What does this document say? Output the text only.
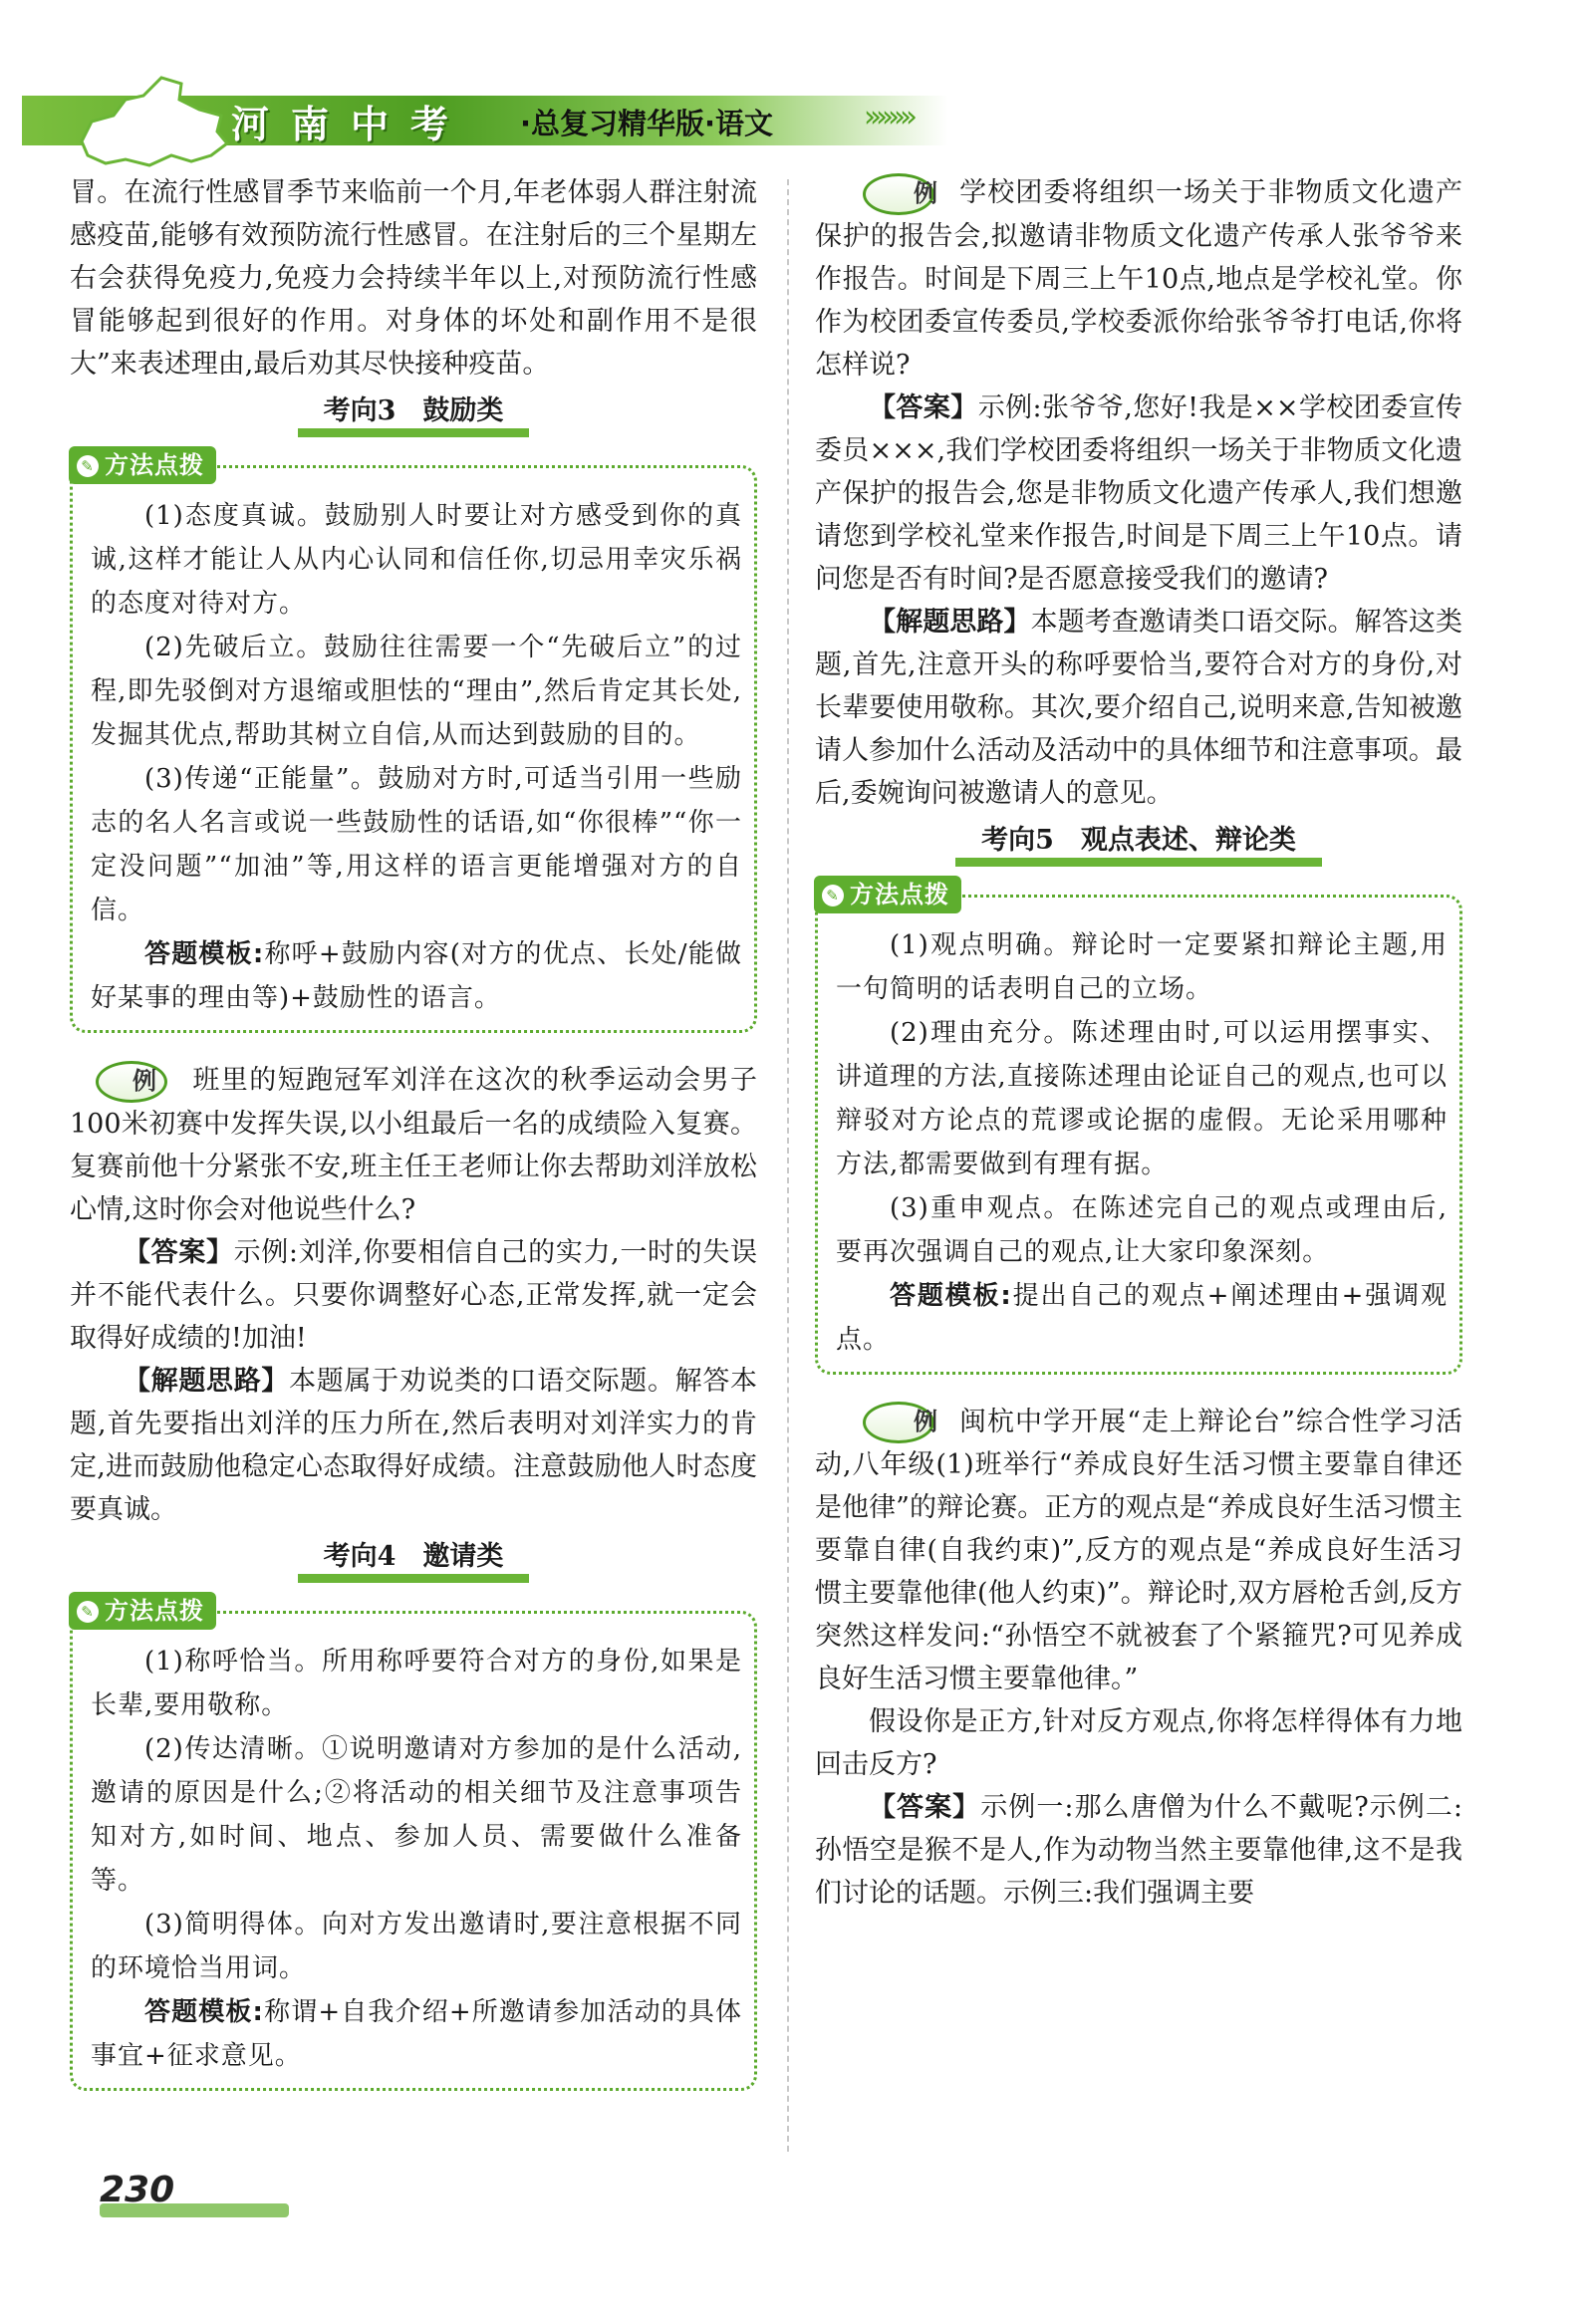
河南中考 ·总复习精华版·语文	››››››››

冒。在流行性感冒季节来临前一个月,年老体弱人群注射流感疫苗,能够有效预防流行性感冒。在注射后的三个星期左右会获得免疫力,免疫力会持续半年以上,对预防流行性感冒能够起到很好的作用。对身体的坏处和副作用不是很大”来表述理由,最后劝其尽快接种疫苗。

考向3　鼓励类
✎ 方法点拨

(1)态度真诚。鼓励别人时要让对方感受到你的真诚,这样才能让人从内心认同和信任你,切忌用幸灾乐祸的态度对待对方。

(2)先破后立。鼓励往往需要一个“先破后立”的过程,即先驳倒对方退缩或胆怯的“理由”,然后肯定其长处,发掘其优点,帮助其树立自信,从而达到鼓励的目的。

(3)传递“正能量”。鼓励对方时,可适当引用一些励志的名人名言或说一些鼓励性的话语,如“你很棒”“你一定没问题”“加油”等,用这样的语言更能增强对方的自信。

答题模板:称呼+鼓励内容(对方的优点、长处/能做好某事的理由等)+鼓励性的语言。

例 班里的短跑冠军刘洋在这次的秋季运动会男子100米初赛中发挥失误,以小组最后一名的成绩险入复赛。复赛前他十分紧张不安,班主任王老师让你去帮助刘洋放松心情,这时你会对他说些什么?

【答案】示例:刘洋,你要相信自己的实力,一时的失误并不能代表什么。只要你调整好心态,正常发挥,就一定会取得好成绩的!加油!

【解题思路】本题属于劝说类的口语交际题。解答本题,首先要指出刘洋的压力所在,然后表明对刘洋实力的肯定,进而鼓励他稳定心态取得好成绩。注意鼓励他人时态度要真诚。

考向4　邀请类
✎ 方法点拨

(1)称呼恰当。所用称呼要符合对方的身份,如果是长辈,要用敬称。

(2)传达清晰。①说明邀请对方参加的是什么活动,邀请的原因是什么;②将活动的相关细节及注意事项告知对方,如时间、地点、参加人员、需要做什么准备等。

(3)简明得体。向对方发出邀请时,要注意根据不同的环境恰当用词。

答题模板:称谓+自我介绍+所邀请参加活动的具体事宜+征求意见。

例 学校团委将组织一场关于非物质文化遗产保护的报告会,拟邀请非物质文化遗产传承人张爷爷来作报告。时间是下周三上午10点,地点是学校礼堂。你作为校团委宣传委员,学校委派你给张爷爷打电话,你将怎样说?

【答案】示例:张爷爷,您好!我是××学校团委宣传委员×××,我们学校团委将组织一场关于非物质文化遗产保护的报告会,您是非物质文化遗产传承人,我们想邀请您到学校礼堂来作报告,时间是下周三上午10点。请问您是否有时间?是否愿意接受我们的邀请?

【解题思路】本题考查邀请类口语交际。解答这类题,首先,注意开头的称呼要恰当,要符合对方的身份,对长辈要使用敬称。其次,要介绍自己,说明来意,告知被邀请人参加什么活动及活动中的具体细节和注意事项。最后,委婉询问被邀请人的意见。

考向5　观点表述、辩论类
✎ 方法点拨

(1)观点明确。辩论时一定要紧扣辩论主题,用一句简明的话表明自己的立场。

(2)理由充分。陈述理由时,可以运用摆事实、讲道理的方法,直接陈述理由论证自己的观点,也可以辩驳对方论点的荒谬或论据的虚假。无论采用哪种方法,都需要做到有理有据。

(3)重申观点。在陈述完自己的观点或理由后,要再次强调自己的观点,让大家印象深刻。

答题模板:提出自己的观点+阐述理由+强调观点。

例 闽杭中学开展“走上辩论台”综合性学习活动,八年级(1)班举行“养成良好生活习惯主要靠自律还是他律”的辩论赛。正方的观点是“养成良好生活习惯主要靠自律(自我约束)”,反方的观点是“养成良好生活习惯主要靠他律(他人约束)”。辩论时,双方唇枪舌剑,反方突然这样发问:“孙悟空不就被套了个紧箍咒?可见养成良好生活习惯主要靠他律。”

假设你是正方,针对反方观点,你将怎样得体有力地回击反方?

【答案】示例一:那么唐僧为什么不戴呢?示例二:孙悟空是猴不是人,作为动物当然主要靠他律,这不是我们讨论的话题。示例三:我们强调主要

230
